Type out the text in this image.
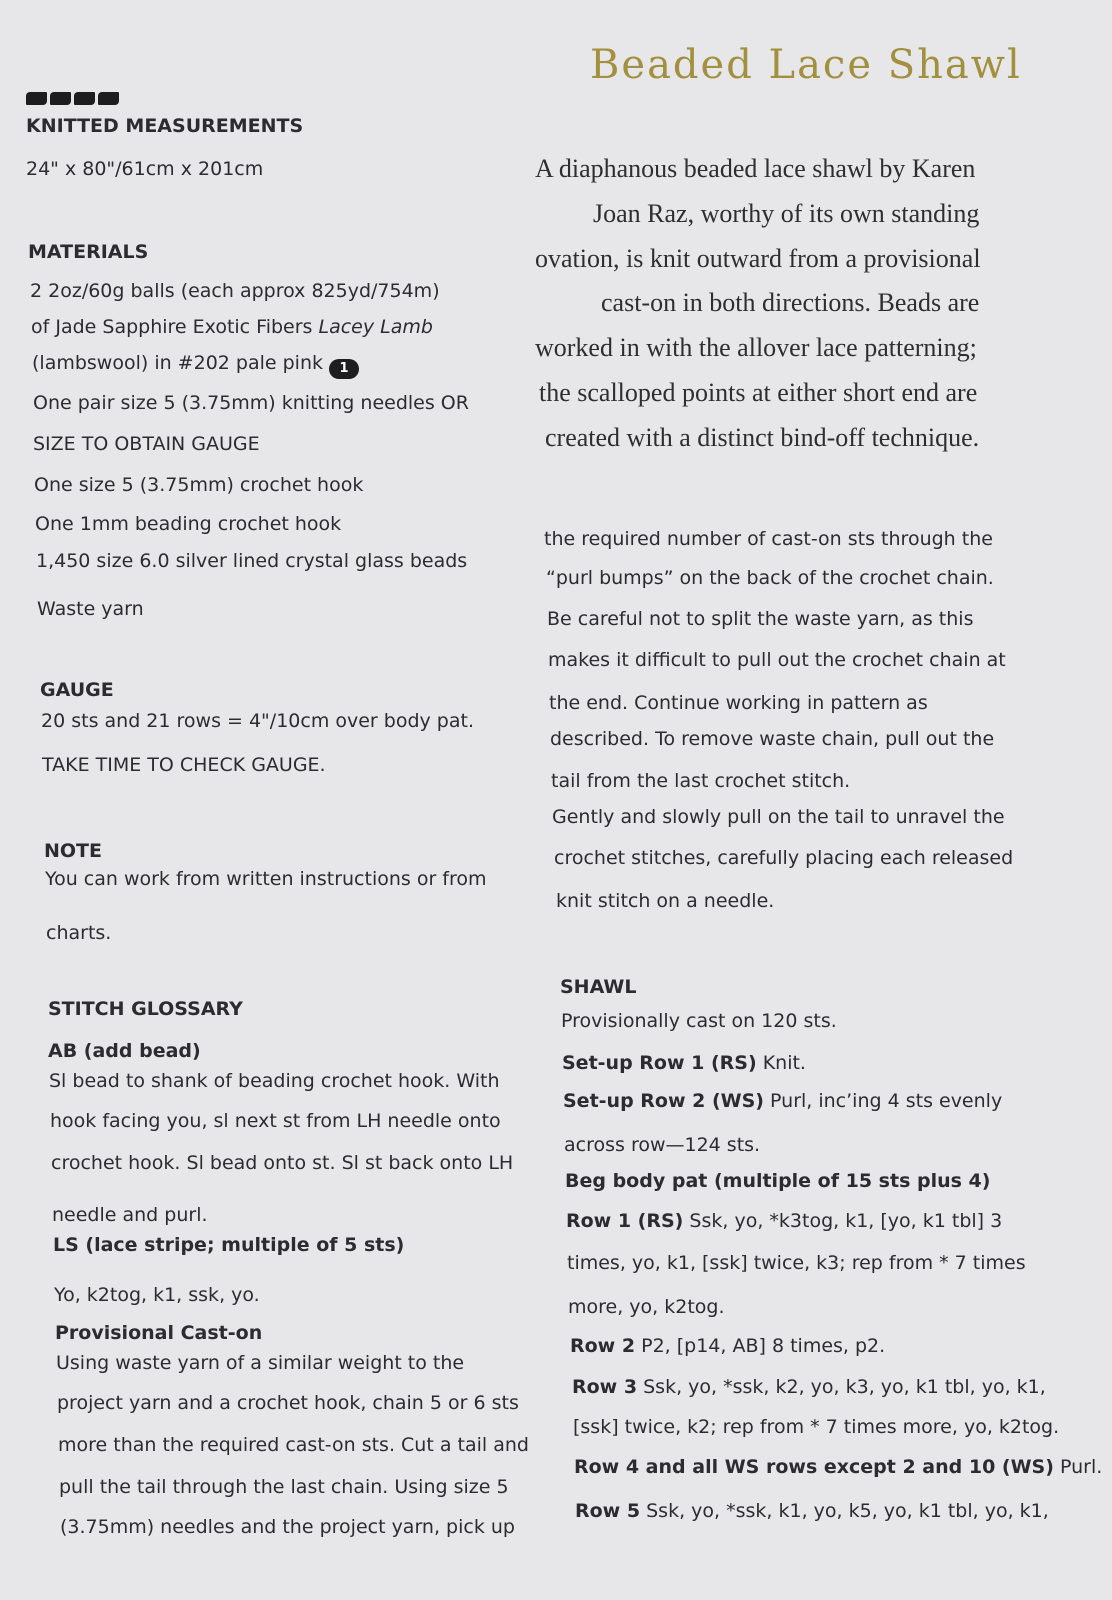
Beaded Lace Shawl
A diaphanous beaded lace shawl by Karen
Joan Raz, worthy of its own standing
ovation, is knit outward from a provisional
cast-on in both directions. Beads are
worked in with the allover lace patterning;
the scalloped points at either short end are
created with a distinct bind-off technique.
KNITTED MEASUREMENTS
24" x 80"/61cm x 201cm
MATERIALS
2 2oz/60g balls (each approx 825yd/754m)
of Jade Sapphire Exotic Fibers Lacey Lamb
(lambswool) in #202 pale pink 1
One pair size 5 (3.75mm) knitting needles OR
SIZE TO OBTAIN GAUGE
One size 5 (3.75mm) crochet hook
One 1mm beading crochet hook
1,450 size 6.0 silver lined crystal glass beads
Waste yarn
GAUGE
20 sts and 21 rows = 4"/10cm over body pat.
TAKE TIME TO CHECK GAUGE.
NOTE
You can work from written instructions or from
charts.
STITCH GLOSSARY
AB (add bead)
Sl bead to shank of beading crochet hook. With
hook facing you, sl next st from LH needle onto
crochet hook. Sl bead onto st. Sl st back onto LH
needle and purl.
LS (lace stripe; multiple of 5 sts)
Yo, k2tog, k1, ssk, yo.
Provisional Cast-on
Using waste yarn of a similar weight to the
project yarn and a crochet hook, chain 5 or 6 sts
more than the required cast-on sts. Cut a tail and
pull the tail through the last chain. Using size 5
(3.75mm) needles and the project yarn, pick up
the required number of cast-on sts through the
“purl bumps” on the back of the crochet chain.
Be careful not to split the waste yarn, as this
makes it difficult to pull out the crochet chain at
the end. Continue working in pattern as
described. To remove waste chain, pull out the
tail from the last crochet stitch.
Gently and slowly pull on the tail to unravel the
crochet stitches, carefully placing each released
knit stitch on a needle.
SHAWL
Provisionally cast on 120 sts.
Set-up Row 1 (RS) Knit.
Set-up Row 2 (WS) Purl, inc’ing 4 sts evenly
across row—124 sts.
Beg body pat (multiple of 15 sts plus 4)
Row 1 (RS) Ssk, yo, *k3tog, k1, [yo, k1 tbl] 3
times, yo, k1, [ssk] twice, k3; rep from * 7 times
more, yo, k2tog.
Row 2 P2, [p14, AB] 8 times, p2.
Row 3 Ssk, yo, *ssk, k2, yo, k3, yo, k1 tbl, yo, k1,
[ssk] twice, k2; rep from * 7 times more, yo, k2tog.
Row 4 and all WS rows except 2 and 10 (WS) Purl.
Row 5 Ssk, yo, *ssk, k1, yo, k5, yo, k1 tbl, yo, k1,
